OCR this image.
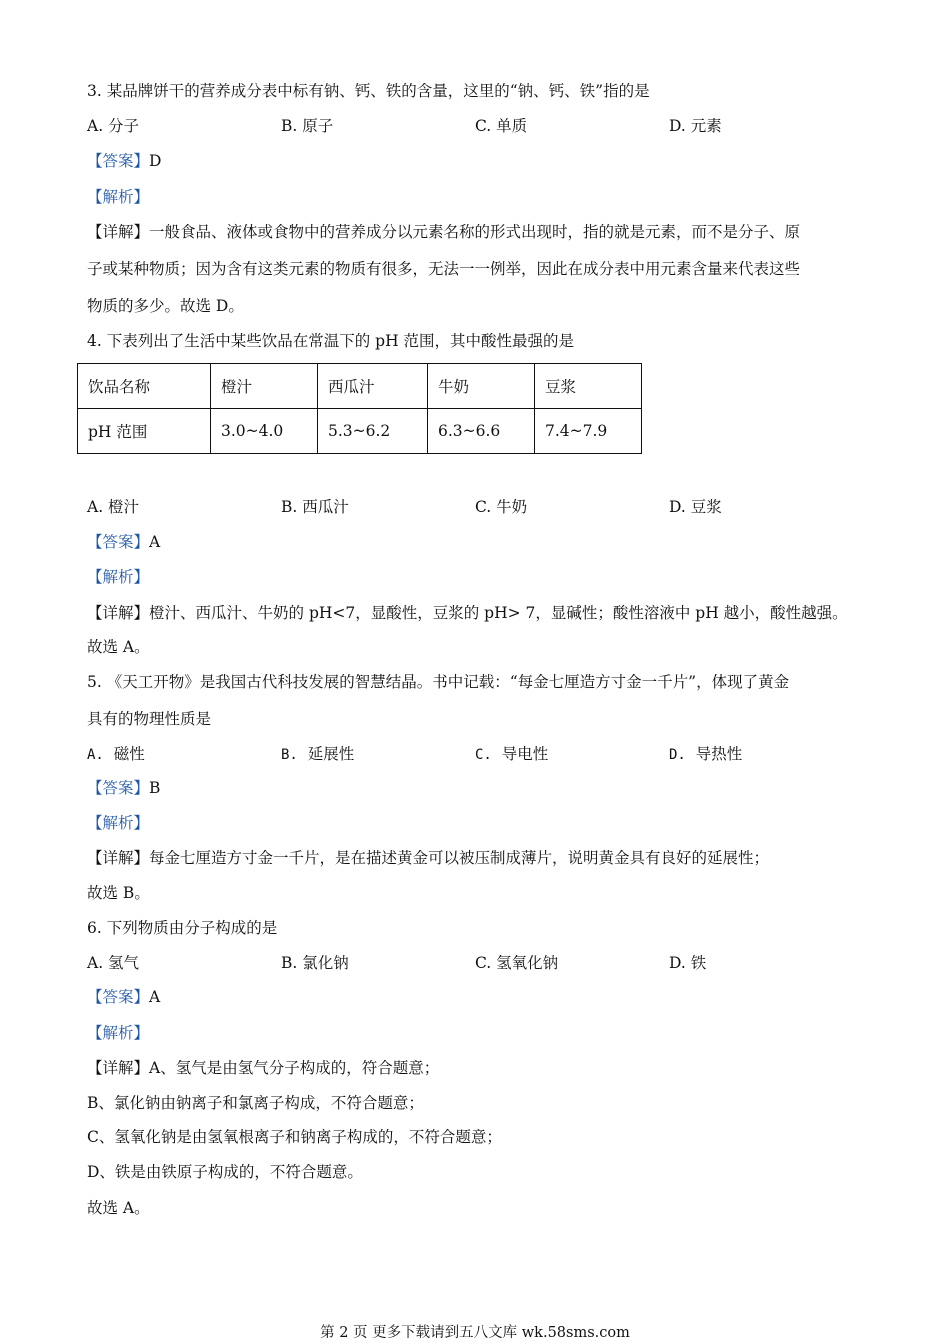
3. 某品牌饼干的营养成分表中标有钠、钙、铁的含量，这里的“钠、钙、铁”指的是
A. 分子	B. 原子	C. 单质	D. 元素
【答案】D
【解析】
【详解】一般食品、液体或食物中的营养成分以元素名称的形式出现时，指的就是元素，而不是分子、原
子或某种物质；因为含有这类元素的物质有很多，无法一一例举，因此在成分表中用元素含量来代表这些
物质的多少。故选 D。
4. 下表列出了生活中某些饮品在常温下的 pH 范围，其中酸性最强的是
饮品名称	橙汁	西瓜汁	牛奶	豆浆
pH 范围	3.0~4.0	5.3~6.2	6.3~6.6	7.4~7.9
A. 橙汁	B. 西瓜汁	C. 牛奶	D. 豆浆
【答案】A
【解析】
【详解】橙汁、西瓜汁、牛奶的 pH<7，显酸性，豆浆的 pH> 7，显碱性；酸性溶液中 pH 越小，酸性越强。
故选 A。
5. 《天工开物》是我国古代科技发展的智慧结晶。书中记载：“每金七厘造方寸金一千片”，体现了黄金
具有的物理性质是
A. 磁性	B. 延展性	C. 导电性	D. 导热性
【答案】B
【解析】
【详解】每金七厘造方寸金一千片，是在描述黄金可以被压制成薄片，说明黄金具有良好的延展性；
故选 B。
6. 下列物质由分子构成的是
A. 氢气	B. 氯化钠	C. 氢氧化钠	D. 铁
【答案】A
【解析】
【详解】A、氢气是由氢气分子构成的，符合题意；
B、氯化钠由钠离子和氯离子构成，不符合题意；
C、氢氧化钠是由氢氧根离子和钠离子构成的，不符合题意；
D、铁是由铁原子构成的，不符合题意。
故选 A。
第 2 页 更多下载请到五八文库 wk.58sms.com
